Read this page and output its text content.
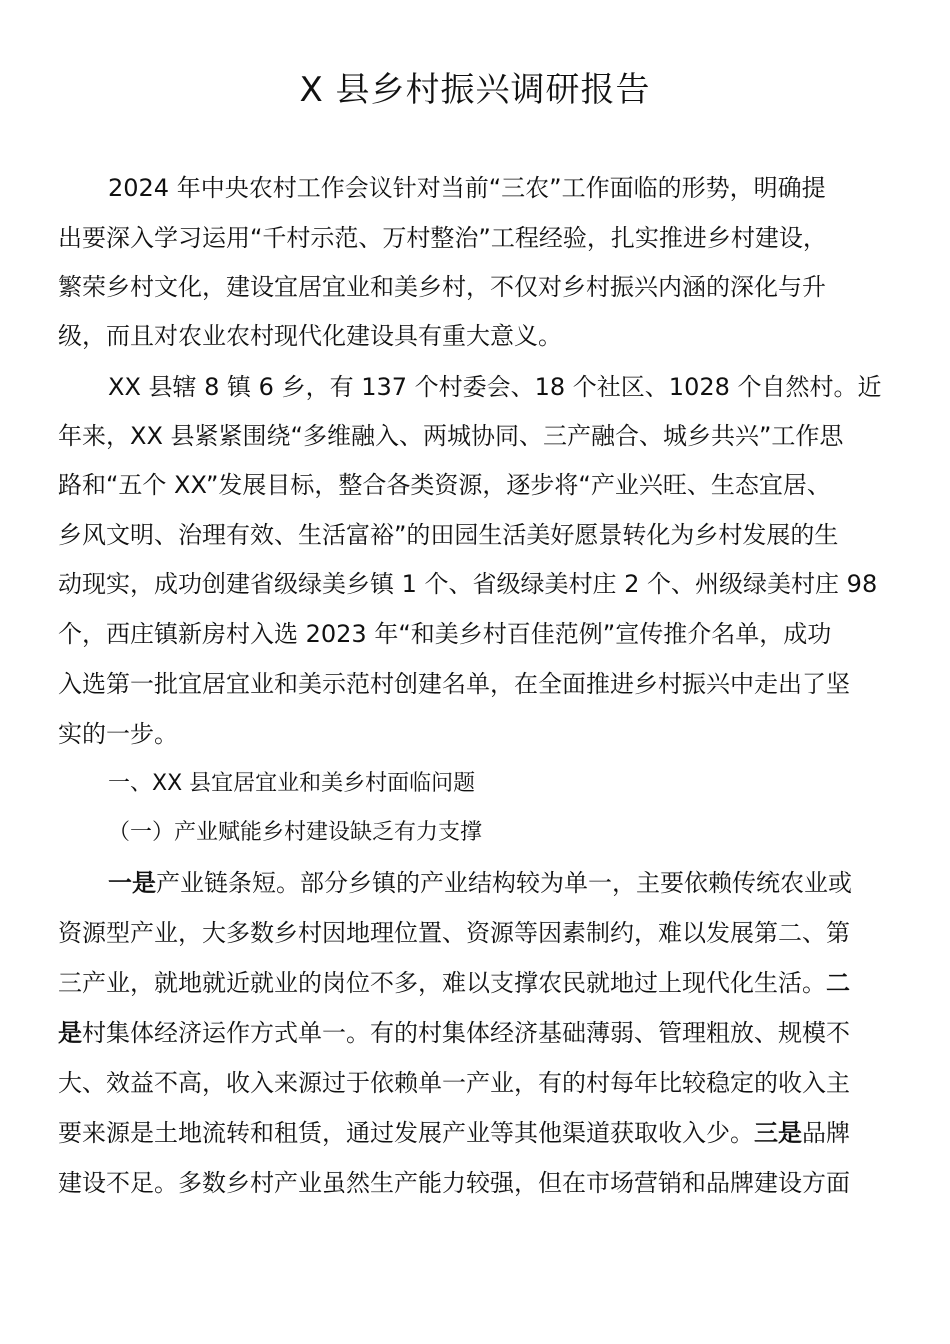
X 县乡村振兴调研报告
2024 年中央农村工作会议针对当前“三农”工作面临的形势，明确提
出要深入学习运用“千村示范、万村整治”工程经验，扎实推进乡村建设，
繁荣乡村文化，建设宜居宜业和美乡村，不仅对乡村振兴内涵的深化与升
级，而且对农业农村现代化建设具有重大意义。
XX 县辖 8 镇 6 乡，有 137 个村委会、18 个社区、1028 个自然村。近
年来，XX 县紧紧围绕“多维融入、两城协同、三产融合、城乡共兴”工作思
路和“五个 XX”发展目标，整合各类资源，逐步将“产业兴旺、生态宜居、
乡风文明、治理有效、生活富裕”的田园生活美好愿景转化为乡村发展的生
动现实，成功创建省级绿美乡镇 1 个、省级绿美村庄 2 个、州级绿美村庄 98
个，西庄镇新房村入选 2023 年“和美乡村百佳范例”宣传推介名单，成功
入选第一批宜居宜业和美示范村创建名单，在全面推进乡村振兴中走出了坚
实的一步。
一、XX 县宜居宜业和美乡村面临问题
（一）产业赋能乡村建设缺乏有力支撑
一是产业链条短。部分乡镇的产业结构较为单一，主要依赖传统农业或
资源型产业，大多数乡村因地理位置、资源等因素制约，难以发展第二、第
三产业，就地就近就业的岗位不多，难以支撑农民就地过上现代化生活。二
是村集体经济运作方式单一。有的村集体经济基础薄弱、管理粗放、规模不
大、效益不高，收入来源过于依赖单一产业，有的村每年比较稳定的收入主
要来源是土地流转和租赁，通过发展产业等其他渠道获取收入少。三是品牌
建设不足。多数乡村产业虽然生产能力较强，但在市场营销和品牌建设方面
